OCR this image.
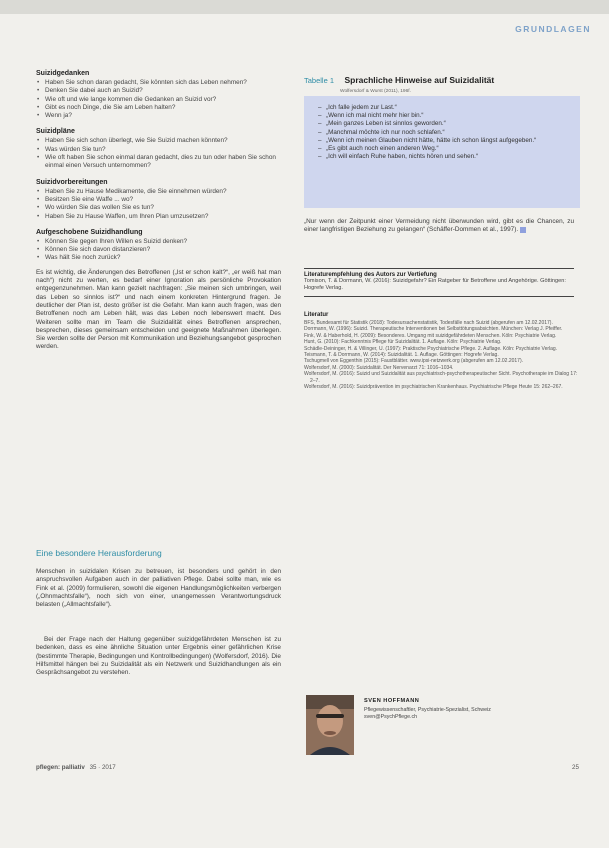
GRUNDLAGEN
Suizidgedanken
• Haben Sie schon daran gedacht, Sie könnten sich das Leben nehmen?
• Denken Sie dabei auch an Suizid?
• Wie oft und wie lange kommen die Gedanken an Suizid vor?
• Gibt es noch Dinge, die Sie am Leben halten?
• Wenn ja?
Suizidpläne
• Haben Sie sich schon überlegt, wie Sie Suizid machen könnten?
• Was würden Sie tun?
• Wie oft haben Sie schon einmal daran gedacht, dies zu tun oder haben Sie schon einmal einen Versuch unternommen?
Suizidvorbereitungen
• Haben Sie zu Hause Medikamente, die Sie einnehmen würden?
• Besitzen Sie eine Waffe ... wo?
• Wo würden Sie das wollen Sie es tun?
• Haben Sie zu Hause Waffen, um Ihren Plan umzusetzen?
Aufgeschobene Suizidhandlung
• Können Sie gegen Ihren Willen es Suizid denken?
• Können Sie sich davon distanzieren?
• Was hält Sie noch zurück?
Es ist wichtig, die Änderungen des Betroffenen („Ist er schon kalt?“, „er weiß hat man nach“) nicht zu werten, es bedarf einer Ignoration als persönliche Provokation entgegenzunehmen. Man kann gezielt nachfragen: „Sie meinen sich umbringen, weil das Leben so sinnlos ist?“ und nach einem konkreten Hintergrund fragen. Je deutlicher der Plan ist, desto größer ist die Gefahr. Man kann auch fragen, was den Betroffenen noch am Leben hält, was das Leben noch lebenswert macht. Des Weiteren sollte man im Team die Suizidalität eines Betroffenen ansprechen, besprechen, dieses gemeinsam entscheiden und geeignete Maßnahmen überlegen. Sie werden sollte der Person mit Kommunikation und Beziehungsangebot gesprochen werden.
Eine besondere Herausforderung
Menschen in suizidalen Krisen zu betreuen, ist besonders und gehört in den anspruchsvollen Aufgaben auch in der palliativen Pflege. Dabei sollte man, wie es Fink et al. (2009) formulieren, sowohl die eigenen Handlungsmöglichkeiten verbergen („Ohnmachtsfalle“), noch sich von einer, unangemessen Verantwortungsdruck belasten („Allmachtsfalle“).
Bei der Frage nach der Haltung gegenüber suizidgefährdeten Menschen ist zu bedenken, dass es eine ähnliche Situation unter Ergebnis einer gefährlichen Krise (bestimmte Therapie, Bedingungen und Kontrollbedingungen) (Wolfersdorf, 2016). Die Hilfsmittel hängen bei zu Suizidalität als ein Netzwerk und Suizidhandlungen als ein Gesprächsangebot zu verstehen.
Tabelle 1 Sprachliche Hinweise auf Suizidalität
Wolfersdorf & Wurst (2011), 196f.
– „Ich falle jedem zur Last.“
– „Wenn ich mal nicht mehr hier bin.“
– „Mein ganzes Leben ist sinnlos geworden.“
– „Manchmal möchte ich nur noch schlafen.“
– „Wenn ich meinen Glauben nicht hätte, hätte ich schon längst aufgegeben.“
– „Es gibt auch noch einen anderen Weg.“
– „Ich will einfach Ruhe haben, nichts hören und sehen.“
„Nur wenn der Zeitpunkt einer Vermeidung nicht überwunden wird, gibt es die Chancen, zu einer langfristigen Beziehung zu gelangen“ (Schäffer-Dommen et al., 1997).
Literaturempfehlung des Autors zur Vertiefung
Tomison, T. & Dormann, W. (2016): Suizidgefahr? Ein Ratgeber für Betroffene und Angehörige. Göttingen: Hogrefe Verlag.
Literatur
BFS, Bundesamt für Statistik (2018): Todesursachenstatistik, Todesfälle nach Suizid (abgerufen am 12.02.2017).
Dorrmann, W. (1996): Suizid. Therapeutische Interventionen bei Selbsttötungsabsichten. München: Verlag J. Pfeiffer.
Fink, W. & Haberhold, H. (2009): Besonderes. Umgang mit suizidgefährdeten Menschen. Köln: Psychiatrie Verlag.
Hunt, G. (2010): Fachkenntnis Pflege für Suizidalität. 1. Auflage. Köln: Psychiatrie Verlag.
Schädle-Deininger, H. & Villinger, U. (1997): Praktische Psychiatrische Pflege. 2. Auflage. Köln: Psychiatrie Verlag.
Teismann, T. & Dorrmann, W. (2014): Suizidalität. 1. Auflage. Göttingen: Hogrefe Verlag.
Tschugmell von Eggenthin (2015): Faustblätter. www.ipsi-netzwerk.org (abgerufen am 12.02.2017).
Wolfersdorf, M. (2000): Suizidalität. Der Nervenarzt 71: 1016–1034.
Wolfersdorf, M. (2016): Suizid und Suizidalität aus psychiatrisch-psychotherapeutischer Sicht. Psychotherapie im Dialog 17: 2–7.
Wolfersdorf, M. (2016): Suizidprävention im psychiatrischen Krankenhaus. Psychiatrische Pflege Heute 15: 262–267.
SVEN HOFFMANN
Pflegewissenschaftler, Psychiatrie-Spezialist, Schweiz
sven@PsychPflege.ch
pflegen: palliativ 35 · 2017	25
